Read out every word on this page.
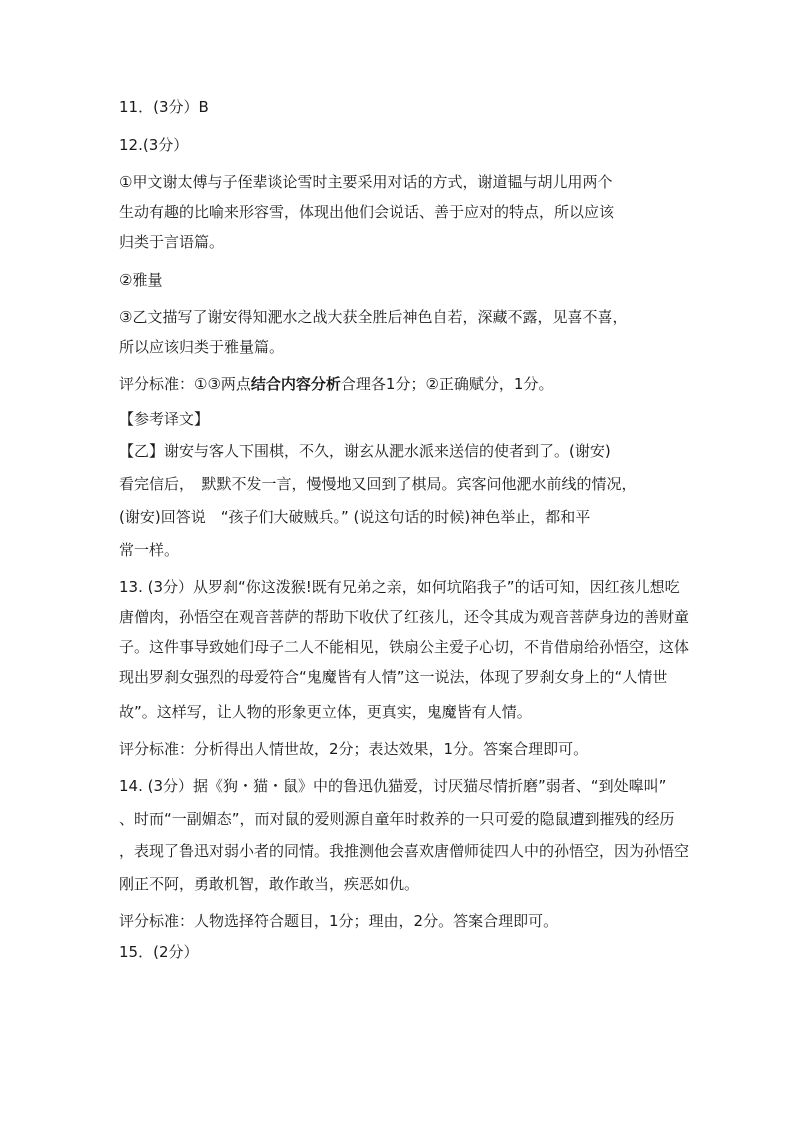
11．(3分）B
12.(3分）
①甲文谢太傅与子侄辈谈论雪时主要采用对话的方式，谢道韫与胡儿用两个
生动有趣的比喻来形容雪，体现出他们会说话、善于应对的特点，所以应该
归类于言语篇。
②雅量
③乙文描写了谢安得知淝水之战大获全胜后神色自若，深藏不露，见喜不喜，
所以应该归类于雅量篇。
评分标准：①③两点结合内容分析合理各1分；②正确赋分，1分。
【参考译文】
【乙】谢安与客人下围棋，不久，谢玄从淝水派来送信的使者到了。(谢安)
看完信后，　默默不发一言，慢慢地又回到了棋局。宾客问他淝水前线的情况，
(谢安)回答说　“孩子们大破贼兵。” (说这句话的时候)神色举止，都和平
常一样。
13. (3分）从罗刹“你这泼猴!既有兄弟之亲，如何坑陷我子”的话可知，因红孩儿想吃
唐僧肉，孙悟空在观音菩萨的帮助下收伏了红孩儿，还令其成为观音菩萨身边的善财童
子。这件事导致她们母子二人不能相见，铁扇公主爱子心切，不肯借扇给孙悟空，这体
现出罗刹女强烈的母爱符合“鬼魔皆有人情”这一说法，体现了罗刹女身上的“人情世
故”。这样写，让人物的形象更立体，更真实，鬼魔皆有人情。
评分标准：分析得出人情世故，2分；表达效果，1分。答案合理即可。
14. (3分）据《狗・猫・鼠》中的鲁迅仇猫爱，讨厌猫尽情折磨”弱者、“到处嗥叫”
、时而“一副媚态”，而对鼠的爱则源自童年时救养的一只可爱的隐鼠遭到摧残的经历
，表现了鲁迅对弱小者的同情。我推测他会喜欢唐僧师徒四人中的孙悟空，因为孙悟空
刚正不阿，勇敢机智，敢作敢当，疾恶如仇。
评分标准：人物选择符合题目，1分；理由，2分。答案合理即可。
15．(2分）
